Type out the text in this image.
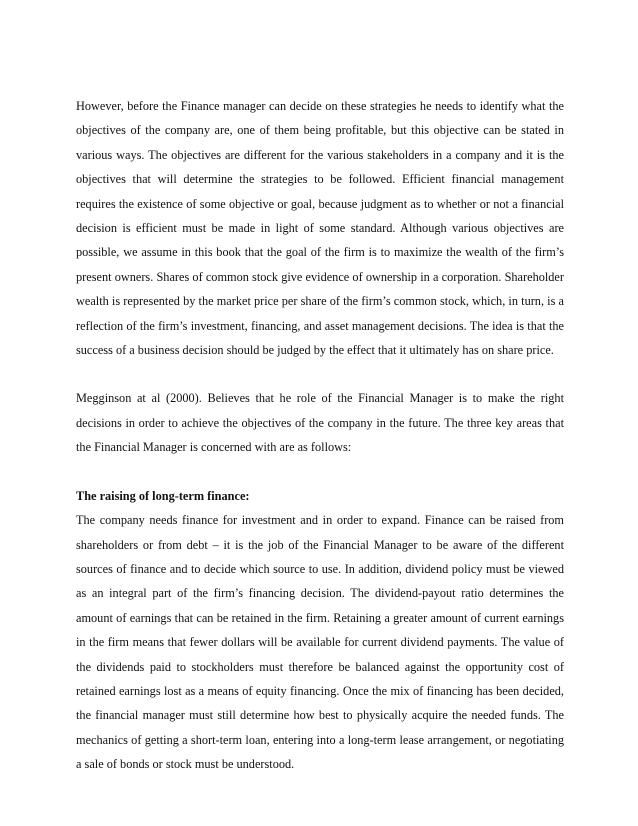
However, before the Finance manager can decide on these strategies he needs to identify what the objectives of the company are, one of them being profitable, but this objective can be stated in various ways. The objectives are different for the various stakeholders in a company and it is the objectives that will determine the strategies to be followed. Efficient financial management requires the existence of some objective or goal, because judgment as to whether or not a financial decision is efficient must be made in light of some standard. Although various objectives are possible, we assume in this book that the goal of the firm is to maximize the wealth of the firm’s present owners. Shares of common stock give evidence of ownership in a corporation. Shareholder wealth is represented by the market price per share of the firm’s common stock, which, in turn, is a reflection of the firm’s investment, financing, and asset management decisions. The idea is that the success of a business decision should be judged by the effect that it ultimately has on share price.

Megginson at al (2000). Believes that he role of the Financial Manager is to make the right decisions in order to achieve the objectives of the company in the future. The three key areas that the Financial Manager is concerned with are as follows:

The raising of long-term finance:

The company needs finance for investment and in order to expand. Finance can be raised from shareholders or from debt – it is the job of the Financial Manager to be aware of the different sources of finance and to decide which source to use. In addition, dividend policy must be viewed as an integral part of the firm’s financing decision. The dividend-payout ratio determines the amount of earnings that can be retained in the firm. Retaining a greater amount of current earnings in the firm means that fewer dollars will be available for current dividend payments. The value of the dividends paid to stockholders must therefore be balanced against the opportunity cost of retained earnings lost as a means of equity financing. Once the mix of financing has been decided, the financial manager must still determine how best to physically acquire the needed funds. The mechanics of getting a short-term loan, entering into a long-term lease arrangement, or negotiating a sale of bonds or stock must be understood.
